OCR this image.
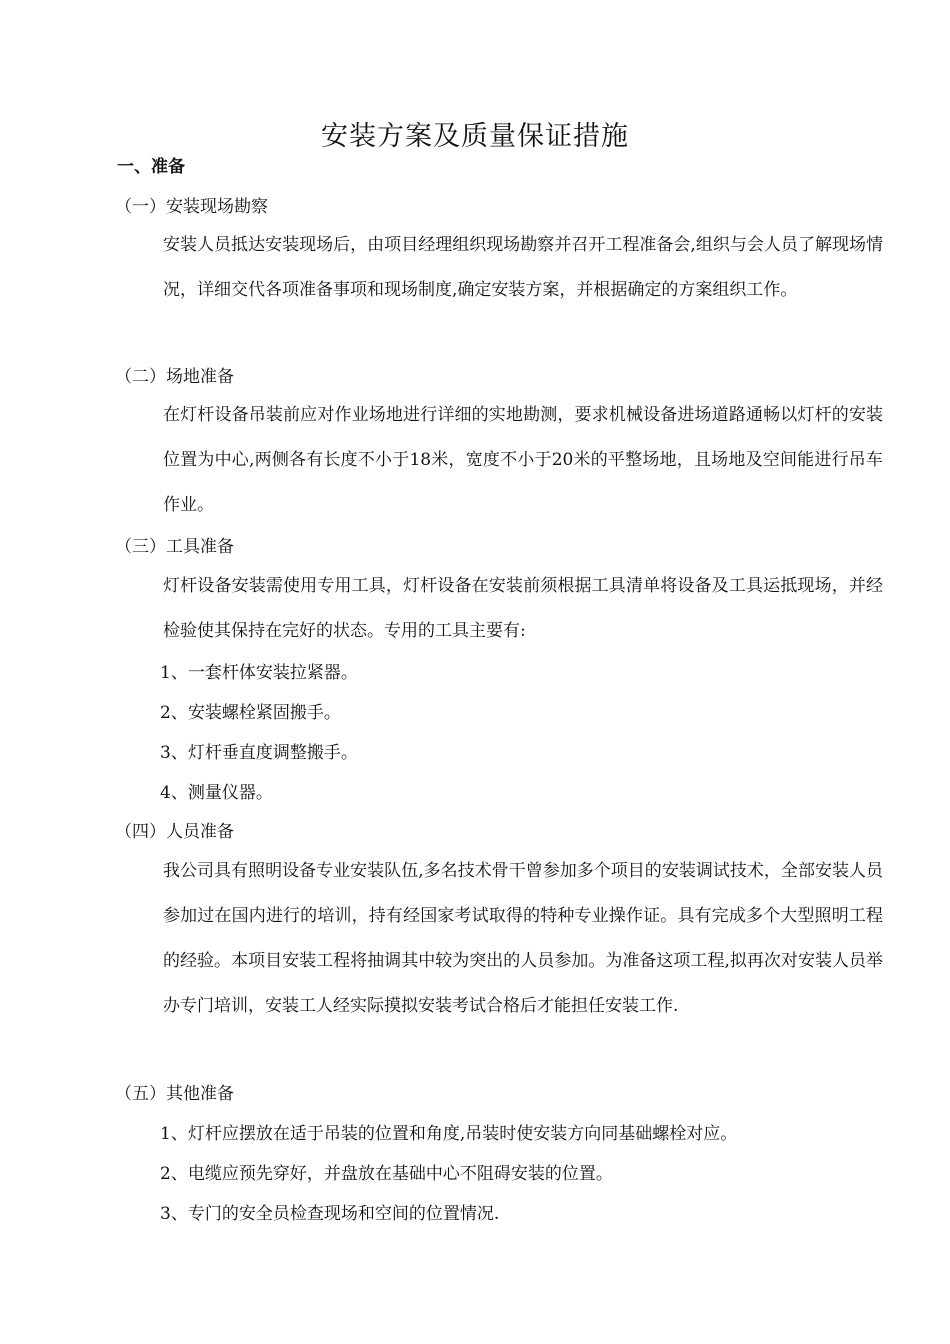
安装方案及质量保证措施
一、准备
（一）安装现场勘察
安装人员抵达安装现场后，由项目经理组织现场勘察并召开工程准备会,组织与会人员了解现场情况，详细交代各项准备事项和现场制度,确定安装方案，并根据确定的方案组织工作。
（二）场地准备
在灯杆设备吊装前应对作业场地进行详细的实地勘测，要求机械设备进场道路通畅以灯杆的安装位置为中心,两侧各有长度不小于18米，宽度不小于20米的平整场地，且场地及空间能进行吊车作业。
（三）工具准备
灯杆设备安装需使用专用工具，灯杆设备在安装前须根据工具清单将设备及工具运抵现场，并经检验使其保持在完好的状态。专用的工具主要有:
1、一套杆体安装拉紧器。
2、安装螺栓紧固搬手。
3、灯杆垂直度调整搬手。
4、测量仪器。
（四）人员准备
我公司具有照明设备专业安装队伍,多名技术骨干曾参加多个项目的安装调试技术，全部安装人员参加过在国内进行的培训，持有经国家考试取得的特种专业操作证。具有完成多个大型照明工程的经验。本项目安装工程将抽调其中较为突出的人员参加。为准备这项工程,拟再次对安装人员举办专门培训，安装工人经实际摸拟安装考试合格后才能担任安装工作.
（五）其他准备
1、灯杆应摆放在适于吊装的位置和角度,吊装时使安装方向同基础螺栓对应。
2、电缆应预先穿好，并盘放在基础中心不阻碍安装的位置。
3、专门的安全员检查现场和空间的位置情况.
